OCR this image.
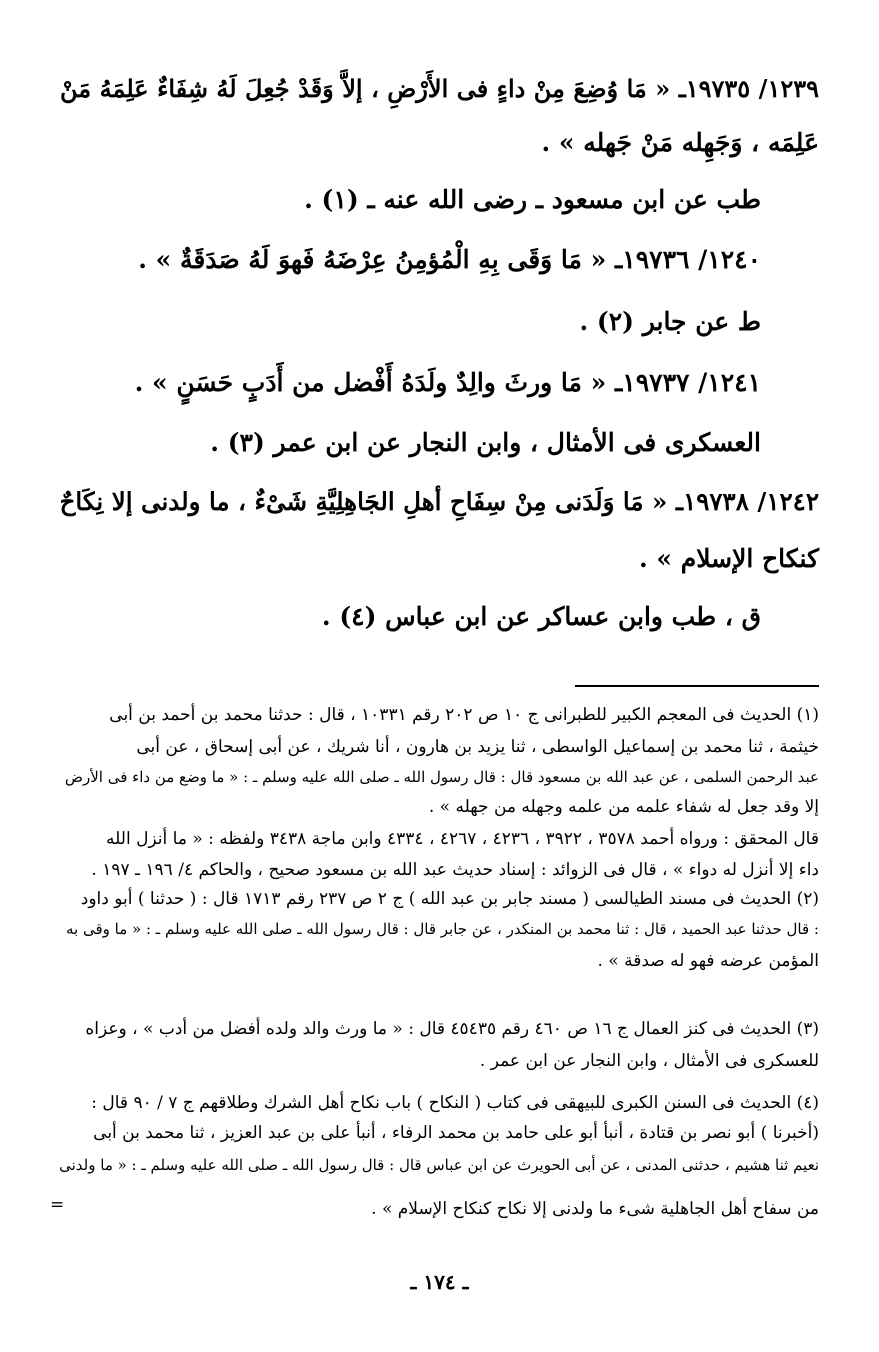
١٢٣٩/ ١٩٧٣٥ـ « مَا وُضِعَ مِنْ داءٍ فى الأَرْضِ ، إلاَّ وَقَدْ جُعِلَ لَهُ شِفَاءٌ عَلِمَهُ مَنْ

عَلِمَه ، وَجَهِله مَنْ جَهله » .

طب عن ابن مسعود ـ رضى الله عنه ـ (١) .

١٢٤٠/ ١٩٧٣٦ـ « مَا وَقَى بِهِ الْمُؤمِنُ عِرْضَهُ فَهوَ لَهُ صَدَقَةٌ » .

ط عن جابر (٢) .

١٢٤١/ ١٩٧٣٧ـ « مَا ورثَ والِدٌ ولَدَهُ أَفْضل من أَدَبٍ حَسَنٍ » .

العسكرى فى الأمثال ، وابن النجار عن ابن عمر (٣) .

١٢٤٢/ ١٩٧٣٨ـ « مَا وَلَدَنى مِنْ سِفَاحِ أهلِ الجَاهِلِيَّةِ شَىْءٌ ، ما ولدنى إلا نِكَاحٌ

كنكاح الإسلام » .

ق ، طب وابن عساكر عن ابن عباس (٤) .

(١) الحديث فى المعجم الكبير للطبرانى ج ١٠ ص ٢٠٢ رقم ١٠٣٣١ ، قال : حدثنا محمد بن أحمد بن أبى

خيثمة ، ثنا محمد بن إسماعيل الواسطى ، ثنا يزيد بن هارون ، أنا شريك ، عن أبى إسحاق ، عن أبى

عبد الرحمن السلمى ، عن عبد الله بن مسعود قال : قال رسول الله ـ صلى الله عليه وسلم ـ : « ما وضع من داء فى الأرض

إلا وقد جعل له شفاء علمه من علمه وجهله من جهله » .

قال المحقق : ورواه أحمد ٣٥٧٨ ، ٣٩٢٢ ، ٤٢٣٦ ، ٤٢٦٧ ، ٤٣٣٤ وابن ماجة ٣٤٣٨ ولفظه : « ما أنزل الله

داء إلا أنزل له دواء » ، قال فى الزوائد : إسناد حديث عبد الله بن مسعود صحيح ، والحاكم ٤/ ١٩٦ ـ ١٩٧ .

(٢) الحديث فى مسند الطيالسى ( مسند جابر بن عبد الله ) ج ٢ ص ٢٣٧ رقم ١٧١٣ قال : ( حدثنا ) أبو داود

: قال حدثنا عبد الحميد ، قال : ثنا محمد بن المنكدر ، عن جابر قال : قال رسول الله ـ صلى الله عليه وسلم ـ : « ما وقى به

المؤمن عرضه فهو له صدقة » .

(٣) الحديث فى كنز العمال ج ١٦ ص ٤٦٠ رقم ٤٥٤٣٥ قال : « ما ورث والد ولده أفضل من أدب » ، وعزاه

للعسكرى فى الأمثال ، وابن النجار عن ابن عمر .

(٤) الحديث فى السنن الكبرى للبيهقى فى كتاب ( النكاح ) باب نكاح أهل الشرك وطلاقهم ج ٧ / ٩٠ قال :

(أخبرنا ) أبو نصر بن قتادة ، أنبأ أبو على حامد بن محمد الرفاء ، أنبأ على بن عبد العزيز ، ثنا محمد بن أبى

نعيم ثنا هشيم ، حدثنى المدنى ، عن أبى الحويرث عن ابن عباس قال : قال رسول الله ـ صلى الله عليه وسلم ـ : « ما ولدنى

من سفاح أهل الجاهلية شىء ما ولدنى إلا نكاح كنكاح الإسلام » .

=
ـ ١٧٤ ـ
